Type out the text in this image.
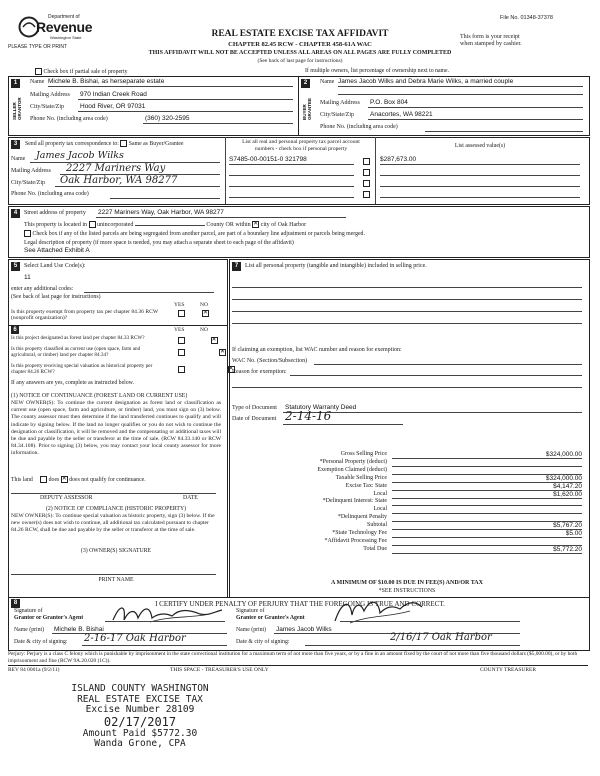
File No. 01348-37378
Department of
Revenue
Washington State
PLEASE TYPE OR PRINT
REAL ESTATE EXCISE TAX AFFIDAVIT
CHAPTER 82.45 RCW - CHAPTER 458-61A WAC
THIS AFFIDAVIT WILL NOT BE ACCEPTED UNLESS ALL AREAS ON ALL PAGES ARE FULLY COMPLETED
(See back of last page for instructions)
This form is your receipt
when stamped by cashier.
Check box if partial sale of property	If multiple owners, list percentage of ownership next to name.
1
SELLER GRANTOR
Name Michele B. Bishai, as herseparate estate
Mailing Address 970 Indian Creek Road
City/State/Zip Hood River, OR 97031
Phone No. (including area code)	(360) 320-2595
2
BUYER GRANTEE
Name James Jacob Wilks and Debra Marie Wilks, a married couple
Mailing Address P.O. Box 804
City/State/Zip Anacortes, WA 98221
Phone No. (including area code)
3	Send all property tax correspondence to: Same as Buyer/Grantee
Name James Jacob Wilks
Mailing Address 2227 Mariners Way
City/State/Zip Oak Harbor, WA 98277
Phone No. (including area code)
List all real and personal property tax parcel account
numbers - check box if personal property	List assessed value(s)
S7485-00-00151-0 321798	$287,673.00
4	Street address of property 2227 Mariners Way, Oak Harbor, WA 98277
This property is located in unincorporated	County OR within ✕ city of Oak Harbor
Check box if any of the listed parcels are being segregated from another parcel, are part of a boundary line adjustment or parcels being merged.
Legal description of property (if more space is needed, you may attach a separate sheet to each page of the affidavit)
See Attached Exhibit A
5	Select Land Use Code(s):
11
enter any additional codes:
(See back of last page for instructions)
YES	NO
Is this property exempt from property tax per chapter 84.36 RCW (nonprofit organization)?
✕
6	YES	NO
Is this project designated as forest land per chapter 84.33 RCW?
✕
Is this property classified as current use (open space, farm and agricultural, or timber) land per chapter 84.34?
✕
Is this property receiving special valuation as historical property per chapter 84.26 RCW?
✕
If any answers are yes, complete as instructed below.
(1) NOTICE OF CONTINUANCE (FOREST LAND OR CURRENT USE)
NEW OWNER(S): To continue the current designation as forest land or classification as current use (open space, farm and agriculture, or timber) land, you must sign on (3) below. The county assessor must then determine if the land transferred continues to qualify and will indicate by signing below. If the land no longer qualifies or you do not wish to continue the designation or classification, it will be removed and the compensating or additional taxes will be due and payable by the seller or transferor at the time of sale. (RCW 84.33.140 or RCW 84.34.108). Prior to signing (3) below, you may contact your local county assessor for more information.
This land	does ✕ does not qualify for continuance.
DEPUTY ASSESSOR	DATE
(2) NOTICE OF COMPLIANCE (HISTORIC PROPERTY)
NEW OWNER(S): To continue special valuation as historic property, sign (3) below. If the new owner(s) does not wish to continue, all additional tax calculated pursuant to chapter 84.26 RCW, shall be due and payable by the seller or transferor at the time of sale.
(3) OWNER(S) SIGNATURE
PRINT NAME
7	List all personal property (tangible and intangible) included in selling price.
If claiming an exemption, list WAC number and reason for exemption:
WAC No. (Section/Subsection)
Reason for exemption:
Type of Document Statutory Warranty Deed
Date of Document 2-14-16
Gross Selling Price	$324,000.00
*Personal Property (deduct)
Exemption Claimed (deduct)
Taxable Selling Price	$324,000.00
Excise Tax: State	$4,147.20
Local	$1,620.00
*Delinquent Interest: State
Local
*Delinquent Penalty
Subtotal	$5,767.20
*State Technology Fee	$5.00
*Affidavit Processing Fee
Total Due	$5,772.20
A MINIMUM OF $10.00 IS DUE IN FEE(S) AND/OR TAX
*SEE INSTRUCTIONS
8	I CERTIFY UNDER PENALTY OF PERJURY THAT THE FOREGOING IS TRUE AND CORRECT.
Signature of
Grantor or Grantor's Agent
Signature of
Grantee or Grantee's Agent
Name (print) Michele B. Bishai	Name (print) James Jacob Wilks
Date & city of signing: 2-16-17 Oak Harbor	Date & city of signing:	2/16/17 Oak Harbor
Perjury: Perjury is a class C felony which is punishable by imprisonment in the state correctional institution for a maximum term of not more than five years, or by a fine in an amount fixed by the court of not more than five thousand dollars ($5,000.00), or by both imprisonment and fine (RCW 9A.20.020 (1C)).
REV 84 0001a (9/2/11)	THIS SPACE - TREASURER'S USE ONLY	COUNTY TREASURER
ISLAND COUNTY WASHINGTON
REAL ESTATE EXCISE TAX
Excise Number 28109
02/17/2017
Amount Paid $5772.30
Wanda Grone, CPA
